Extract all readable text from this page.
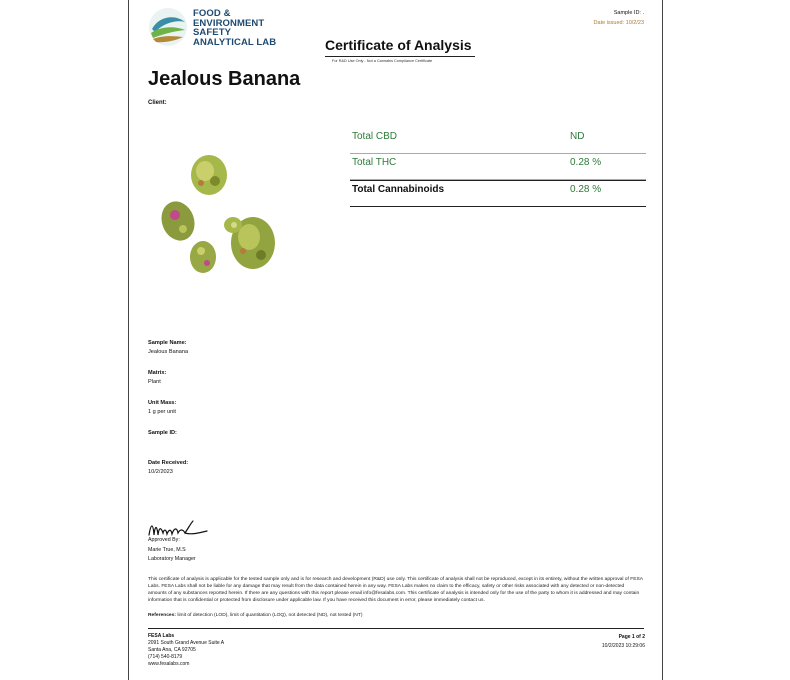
FOOD &
ENVIRONMENT
SAFETY
ANALYTICAL LAB	Certificate of Analysis
For R&D Use Only - Not a Cannabis Compliance Certificate
Sample ID: .
Date issued: 10/2/23
Jealous Banana
Client:
Total CBD	ND
Total THC	0.28 %
Total Cannabinoids	0.28 %
Sample Name:
Jealous Banana
Matrix:
Plant
Unit Mass:
1 g per unit
Sample ID:
Date Received:
10/2/2023
Approved By:
Marie True, M.S
Laboratory Manager
This certificate of analysis is applicable for the tested sample only and is for research and development (R&D) use only. This certificate of analysis shall not be reproduced, except in its entirety, without the written approval of FESA Labs. FESA Labs shall not be liable for any damage that may result from the data contained herein in any way. FESA Labs makes no claim to the efficacy, safety or other risks associated with any detected or non-detected amounts of any substances reported herein. If there are any questions with this report please email info@fesalabs.com. This certificate of analysis is intended only for the use of the party to whom it is addressed and may contain information that is confidential or protected from disclosure under applicable law. If you have received this document in error, please immediately contact us.
References: limit of detection (LOD), limit of quantitation (LOQ), not detected (ND), not tested (NT)
FESA Labs
2091 South Grand Avenue Suite A
Santa Ana, CA 92705
(714) 540-8179
www.fesalabs.com
Page 1 of 2
10/2/2023 10:29:06
